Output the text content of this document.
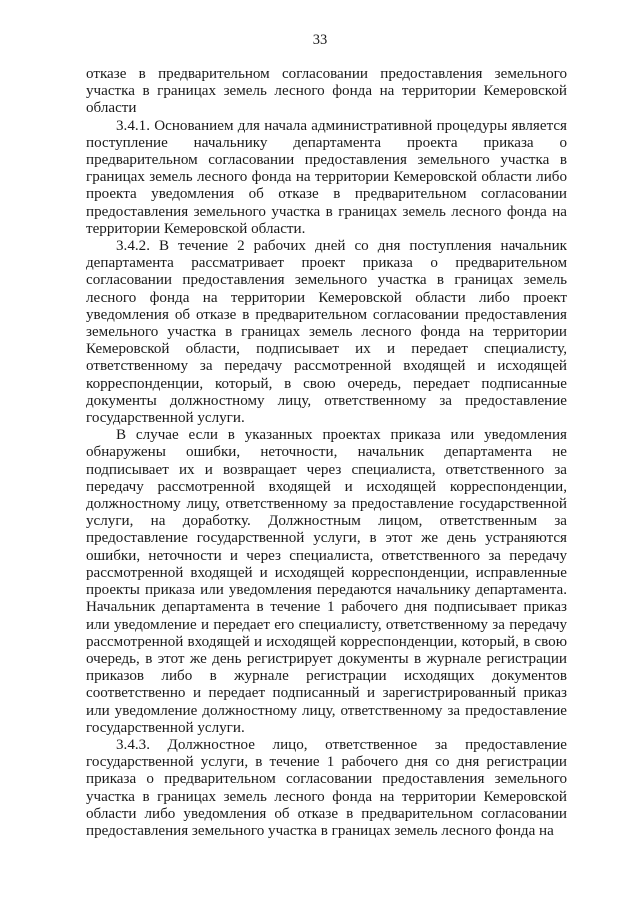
33

отказе в предварительном согласовании предоставления земельного участка в границах земель лесного фонда на территории Кемеровской области

3.4.1. Основанием для начала административной процедуры является поступление начальнику департамента проекта приказа о предварительном согласовании предоставления земельного участка в границах земель лесного фонда на территории Кемеровской области либо проекта уведомления об отказе в предварительном согласовании предоставления земельного участка в границах земель лесного фонда на территории Кемеровской области.

3.4.2. В течение 2 рабочих дней со дня поступления начальник департамента рассматривает проект приказа о предварительном согласовании предоставления земельного участка в границах земель лесного фонда на территории Кемеровской области либо проект уведомления об отказе в предварительном согласовании предоставления земельного участка в границах земель лесного фонда на территории Кемеровской области, подписывает их и передает специалисту, ответственному за передачу рассмотренной входящей и исходящей корреспонденции, который, в свою очередь, передает подписанные документы должностному лицу, ответственному за предоставление государственной услуги.

В случае если в указанных проектах приказа или уведомления обнаружены ошибки, неточности, начальник департамента не подписывает их и возвращает через специалиста, ответственного за передачу рассмотренной входящей и исходящей корреспонденции, должностному лицу, ответственному за предоставление государственной услуги, на доработку. Должностным лицом, ответственным за предоставление государственной услуги, в этот же день устраняются ошибки, неточности и через специалиста, ответственного за передачу рассмотренной входящей и исходящей корреспонденции, исправленные проекты приказа или уведомления передаются начальнику департамента. Начальник департамента в течение 1 рабочего дня подписывает приказ или уведомление и передает его специалисту, ответственному за передачу рассмотренной входящей и исходящей корреспонденции, который, в свою очередь, в этот же день регистрирует документы в журнале регистрации приказов либо в журнале регистрации исходящих документов соответственно и передает подписанный и зарегистрированный приказ или уведомление должностному лицу, ответственному за предоставление государственной услуги.

3.4.3. Должностное лицо, ответственное за предоставление государственной услуги, в течение 1 рабочего дня со дня регистрации приказа о предварительном согласовании предоставления земельного участка в границах земель лесного фонда на территории Кемеровской области либо уведомления об отказе в предварительном согласовании предоставления земельного участка в границах земель лесного фонда на
